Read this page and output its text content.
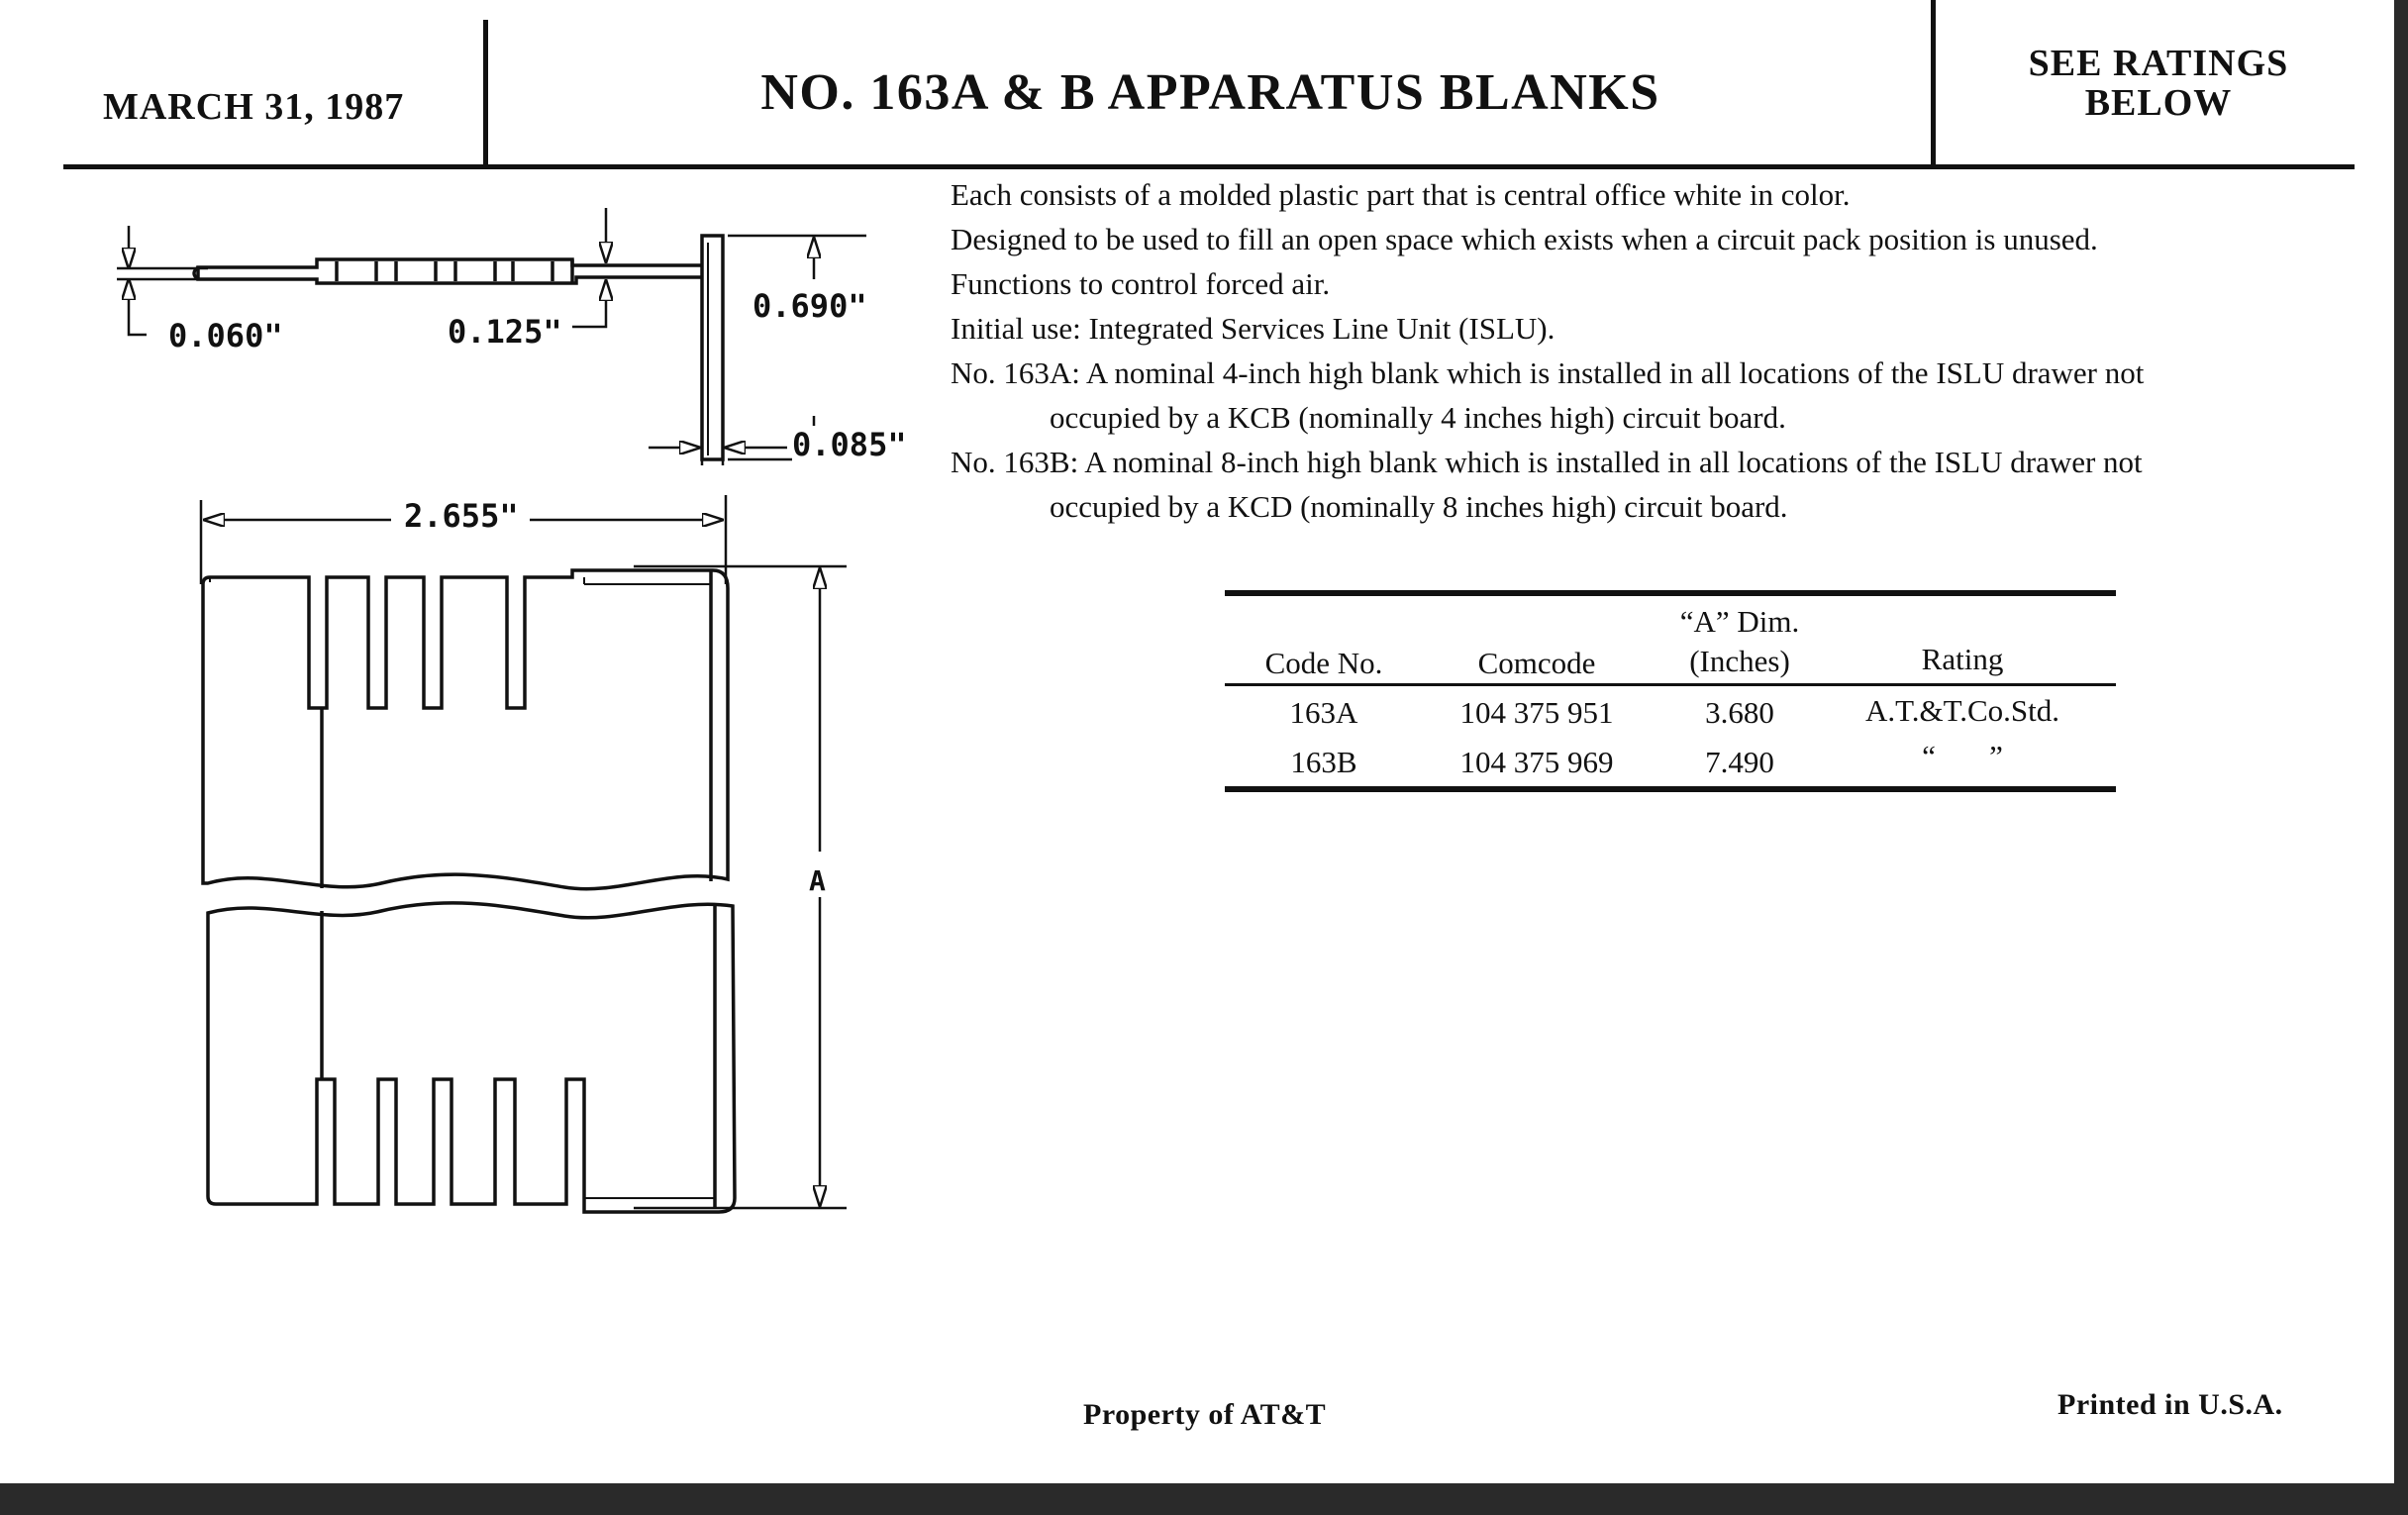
MARCH 31, 1987	NO. 163A & B APPARATUS BLANKS
SEE RATINGS
BELOW
0.060"	0.125"
0.690"
0.085"
2.655"
A

Each consists of a molded plastic part that is central office white in color.

Designed to be used to fill an open space which exists when a circuit pack position is unused.

Functions to control forced air.

Initial use: Integrated Services Line Unit (ISLU).

No. 163A: A nominal 4-inch high blank which is installed in all locations of the ISLU drawer not

occupied by a KCB (nominally 4 inches high) circuit board.

No. 163B: A nominal 8-inch high blank which is installed in all locations of the ISLU drawer not

occupied by a KCD (nominally 8 inches high) circuit board.

“A” Dim.
Code No.	Comcode	(Inches)	Rating
163A	104 375 951	3.680	A.T.&T.Co.Std.
163B	104 375 969	7.490	“       ”
Property of AT&T	Printed in U.S.A.
